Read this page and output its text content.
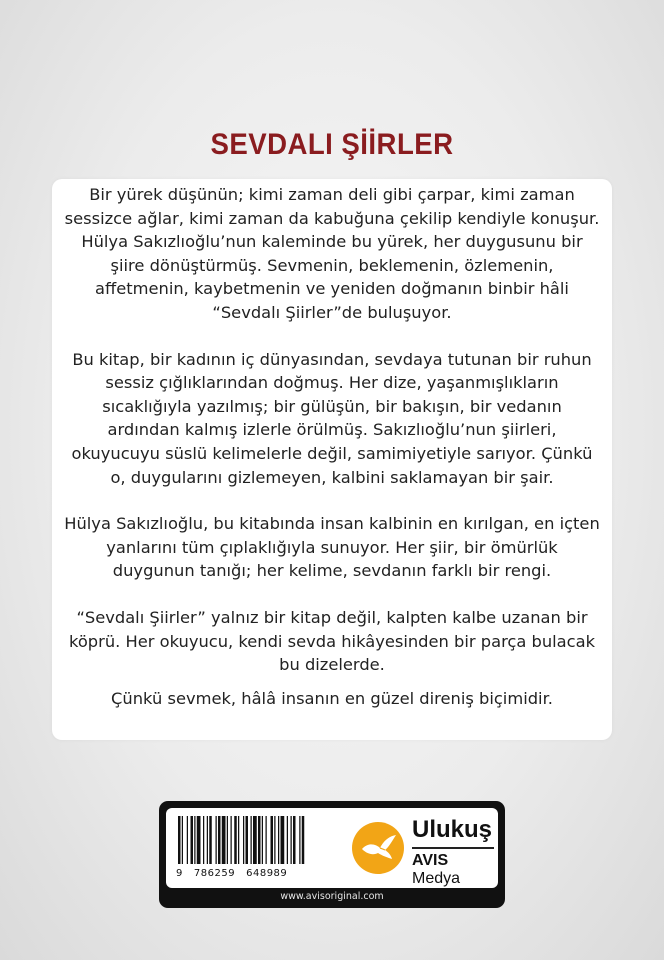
SEVDALI ŞİİRLER

Bir yürek düşünün; kimi zaman deli gibi çarpar, kimi zaman sessizce ağlar, kimi zaman da kabuğuna çekilip kendiyle konuşur. Hülya Sakızlıoğlu’nun kaleminde bu yürek, her duygusunu bir şiire dönüştürmüş. Sevmenin, beklemenin, özlemenin, affetmenin, kaybetmenin ve yeniden doğmanın binbir hâli “Sevdalı Şiirler”de buluşuyor.

Bu kitap, bir kadının iç dünyasından, sevdaya tutunan bir ruhun sessiz çığlıklarından doğmuş. Her dize, yaşanmışlıkların sıcaklığıyla yazılmış; bir gülüşün, bir bakışın, bir vedanın ardından kalmış izlerle örülmüş. Sakızlıoğlu’nun şiirleri, okuyucuyu süslü kelimelerle değil, samimiyetiyle sarıyor. Çünkü o, duygularını gizlemeyen, kalbini saklamayan bir şair.

Hülya Sakızlıoğlu, bu kitabında insan kalbinin en kırılgan, en içten yanlarını tüm çıplaklığıyla sunuyor. Her şiir, bir ömürlük duygunun tanığı; her kelime, sevdanın farklı bir rengi.

“Sevdalı Şiirler” yalnız bir kitap değil, kalpten kalbe uzanan bir köprü. Her okuyucu, kendi sevda hikâyesinden bir parça bulacak bu dizelerde.

Çünkü sevmek, hâlâ insanın en güzel direniş biçimidir.

9   786259   648989
Ulukuş
AVIS Medya
www.avisoriginal.com
